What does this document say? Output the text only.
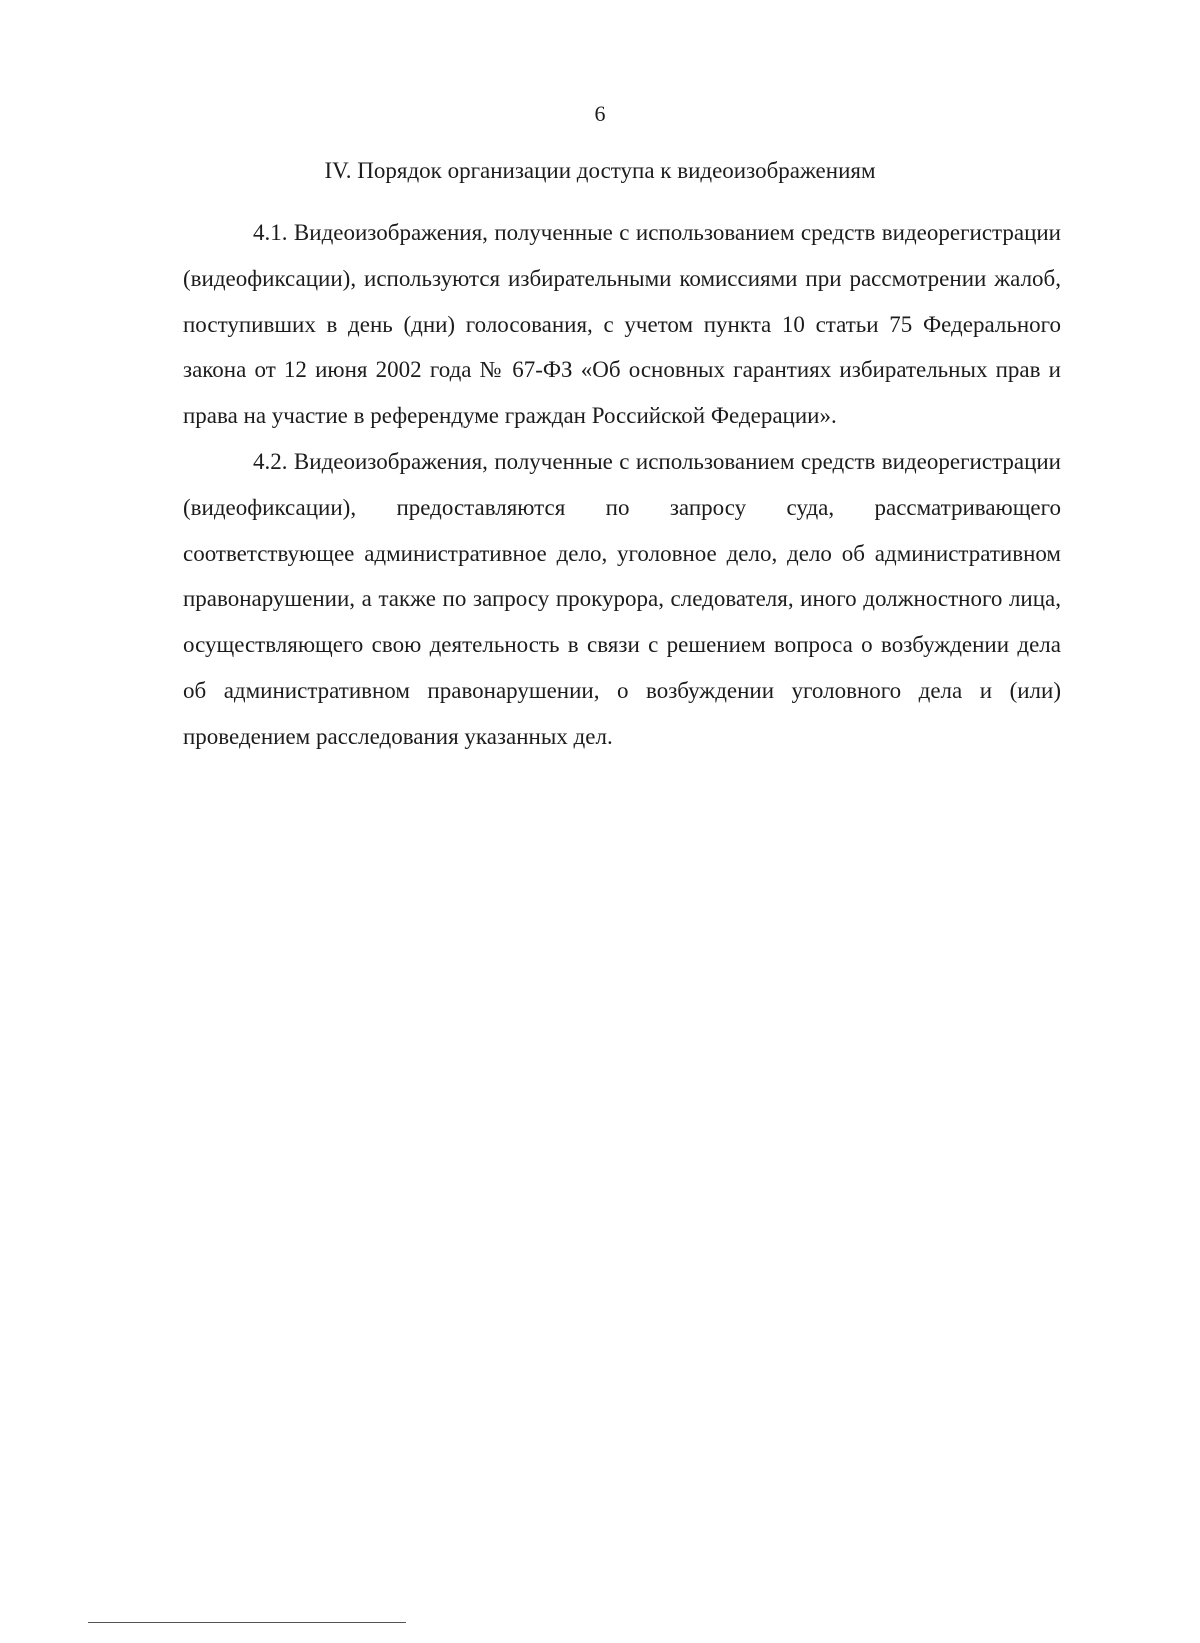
6
IV. Порядок организации доступа к видеоизображениям

4.1. Видеоизображения, полученные с использованием средств видеорегистрации (видеофиксации), используются избирательными комиссиями при рассмотрении жалоб, поступивших в день (дни) голосования, с учетом пункта 10 статьи 75 Федерального закона от 12 июня 2002 года № 67-ФЗ «Об основных гарантиях избирательных прав и права на участие в референдуме граждан Российской Федерации».

4.2. Видеоизображения, полученные с использованием средств видеорегистрации (видеофиксации), предоставляются по запросу суда, рассматривающего соответствующее административное дело, уголовное дело, дело об административном правонарушении, а также по запросу прокурора, следователя, иного должностного лица, осуществляющего свою деятельность в связи с решением вопроса о возбуждении дела об административном правонарушении, о возбуждении уголовного дела и (или) проведением расследования указанных дел.
